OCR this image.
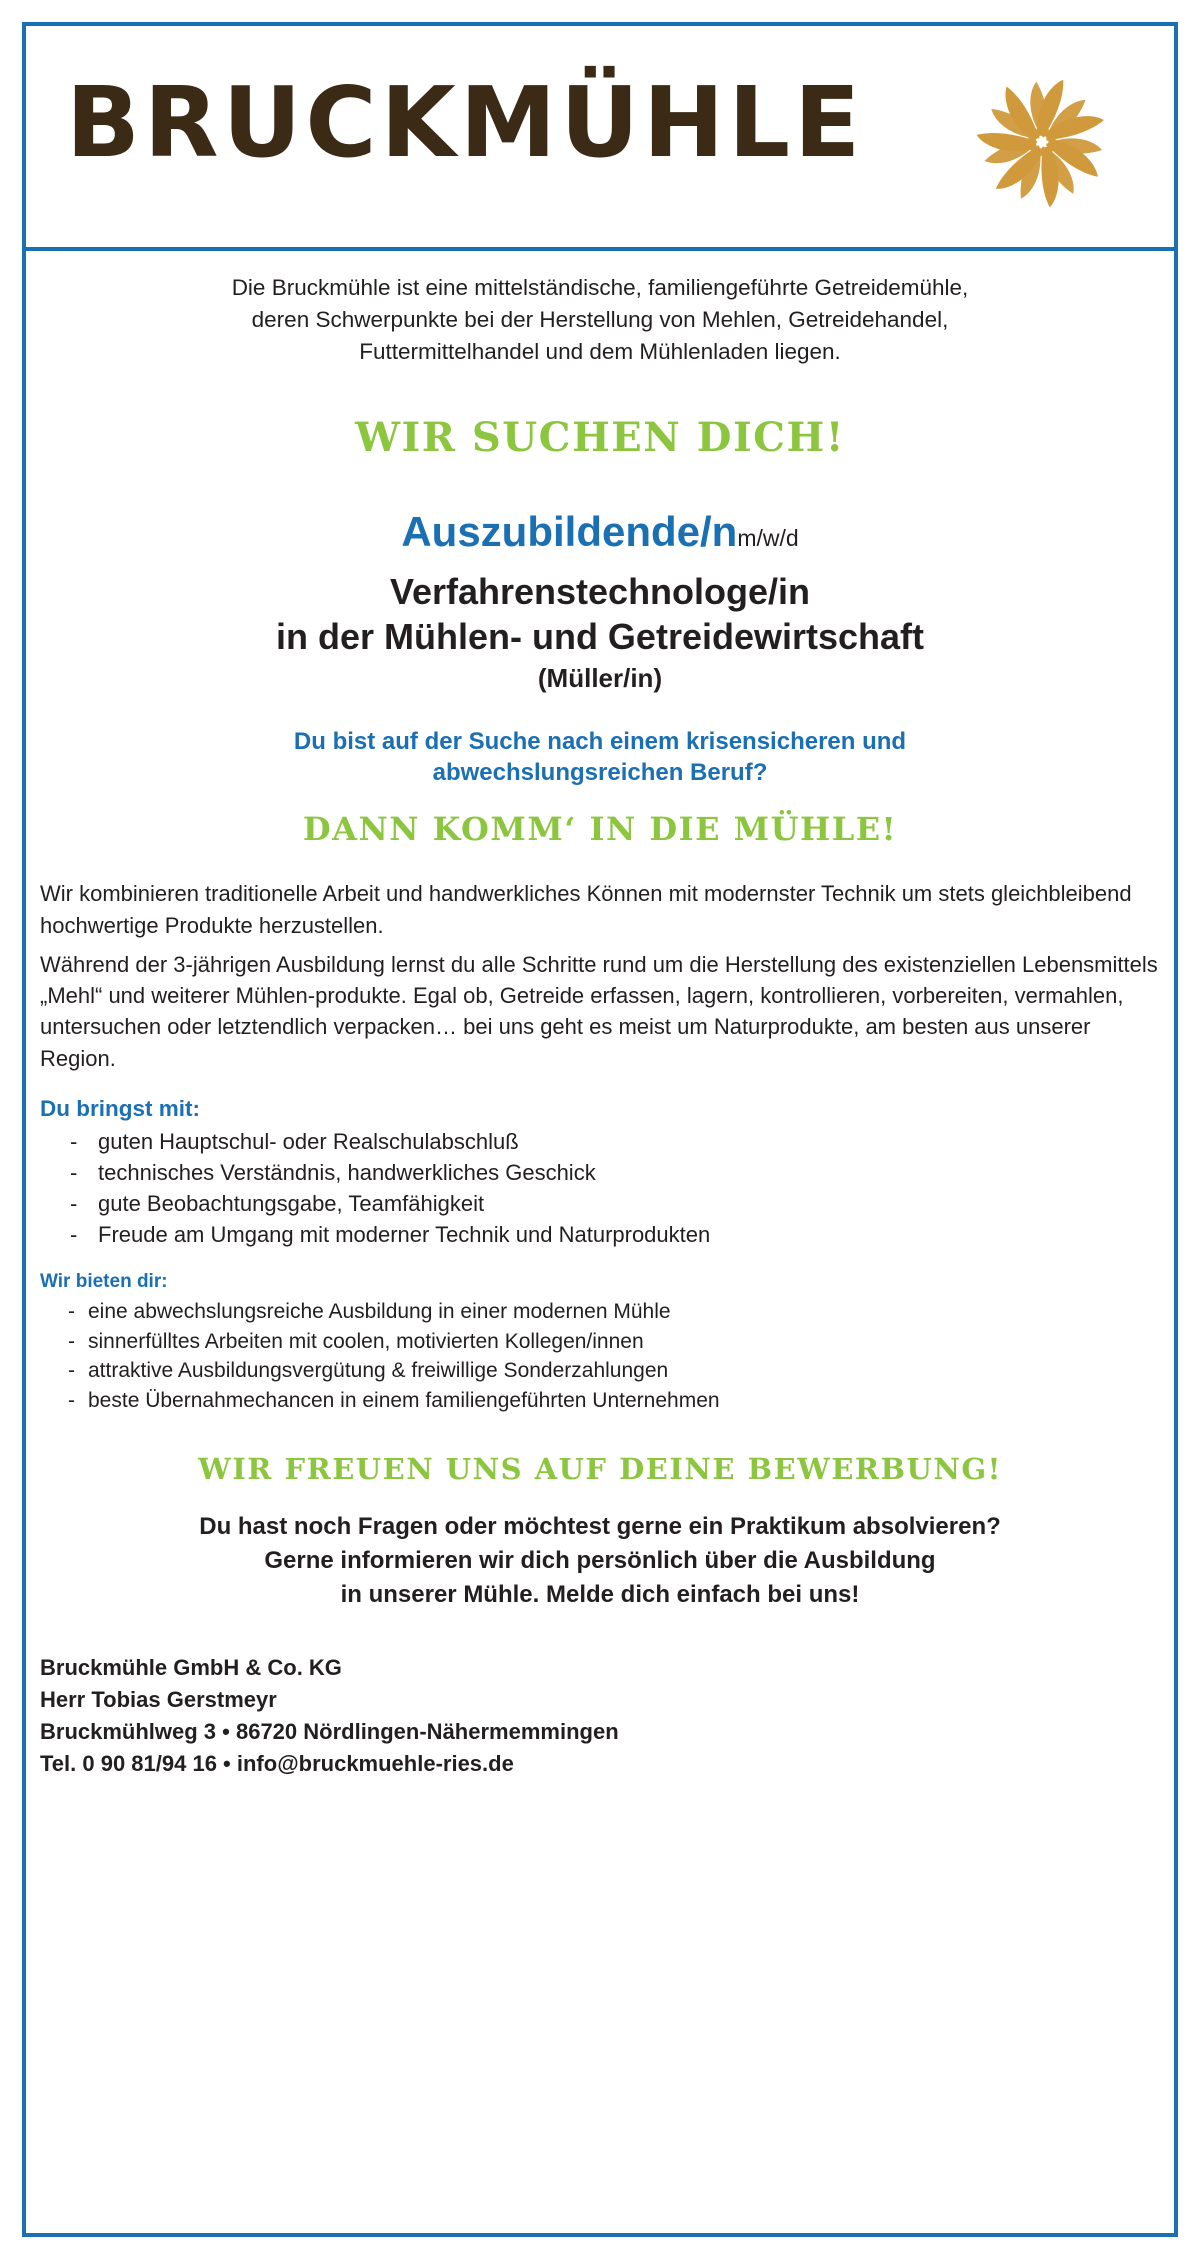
BRUCKMÜHLE
Die Bruckmühle ist eine mittelständische, familiengeführte Getreidemühle,
deren Schwerpunkte bei der Herstellung von Mehlen, Getreidehandel,
Futtermittelhandel und dem Mühlenladen liegen.
WIR SUCHEN DICH!
Auszubildende/nm/w/d
Verfahrenstechnologe/in
in der Mühlen- und Getreidewirtschaft
(Müller/in)
Du bist auf der Suche nach einem krisensicheren und
abwechslungsreichen Beruf?
DANN KOMM‘ IN DIE MÜHLE!

Wir kombinieren traditionelle Arbeit und handwerkliches Können mit modernster Technik um stets gleichbleibend hochwertige Produkte herzustellen.

Während der 3-jährigen Ausbildung lernst du alle Schritte rund um die Herstellung des existenziellen Lebensmittels „Mehl“ und weiterer Mühlen-produkte. Egal ob, Getreide erfassen, lagern, kontrollieren, vorbereiten, vermahlen, untersuchen oder letztendlich verpacken… bei uns geht es meist um Naturprodukte, am besten aus unserer Region.

Du bringst mit:
- guten Hauptschul- oder Realschulabschluß
- technisches Verständnis, handwerkliches Geschick
- gute Beobachtungsgabe, Teamfähigkeit
- Freude am Umgang mit moderner Technik und Naturprodukten
Wir bieten dir:
- eine abwechslungsreiche Ausbildung in einer modernen Mühle
- sinnerfülltes Arbeiten mit coolen, motivierten Kollegen/innen
- attraktive Ausbildungsvergütung & freiwillige Sonderzahlungen
- beste Übernahmechancen in einem familiengeführten Unternehmen
WIR FREUEN UNS AUF DEINE BEWERBUNG!
Du hast noch Fragen oder möchtest gerne ein Praktikum absolvieren?
Gerne informieren wir dich persönlich über die Ausbildung
in unserer Mühle. Melde dich einfach bei uns!
Bruckmühle GmbH & Co. KG
Herr Tobias Gerstmeyr
Bruckmühlweg 3 • 86720 Nördlingen-Nähermemmingen
Tel. 0 90 81/94 16 • info@bruckmuehle-ries.de
